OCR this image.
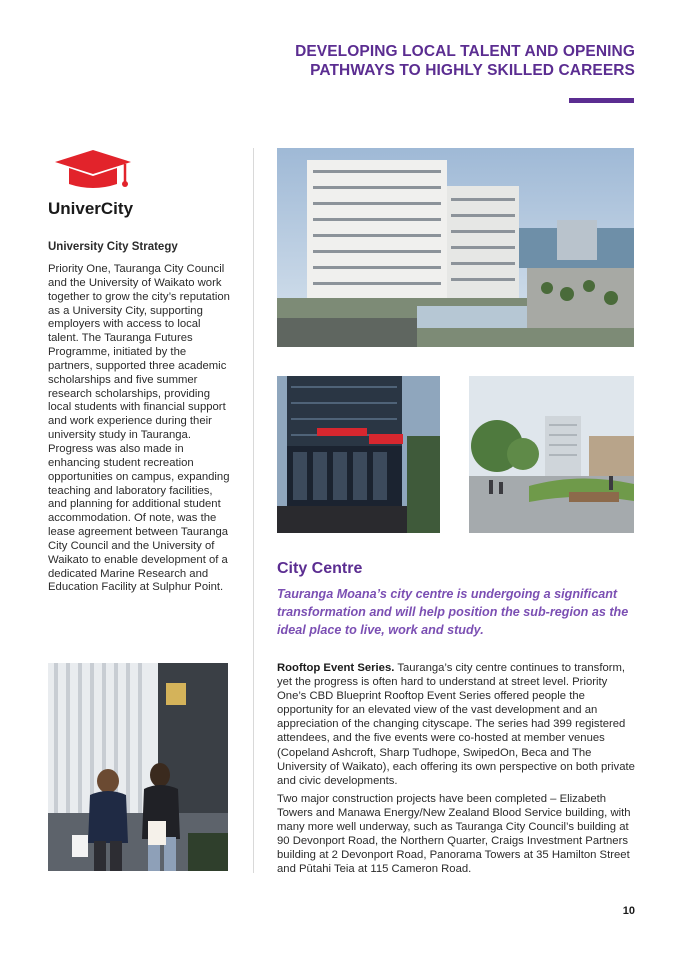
DEVELOPING LOCAL TALENT AND OPENING
PATHWAYS TO HIGHLY SKILLED CAREERS
UniverCity
University City Strategy
Priority One, Tauranga City Council and the University of Waikato work together to grow the city’s reputation as a University City, supporting employers with access to local talent. The Tauranga Futures Programme, initiated by the partners, supported three academic scholarships and five summer research scholarships, providing local students with financial support and work experience during their university study in Tauranga. Progress was also made in enhancing student recreation opportunities on campus, expanding teaching and laboratory facilities, and planning for additional student accommodation. Of note, was the lease agreement between Tauranga City Council and the University of Waikato to enable development of a dedicated Marine Research and Education Facility at Sulphur Point.
City Centre
Tauranga Moana’s city centre is undergoing a significant transformation and will help position the sub-region as the ideal place to live, work and study.
Rooftop Event Series. Tauranga’s city centre continues to transform, yet the progress is often hard to understand at street level. Priority One’s CBD Blueprint Rooftop Event Series offered people the opportunity for an elevated view of the vast development and an appreciation of the changing cityscape. The series had 399 registered attendees, and the five events were co-hosted at member venues (Copeland Ashcroft, Sharp Tudhope, SwipedOn, Beca and The University of Waikato), each offering its own perspective on both private and civic developments.
Two major construction projects have been completed – Elizabeth Towers and Manawa Energy/New Zealand Blood Service building, with many more well underway, such as Tauranga City Council’s building at 90 Devonport Road, the Northern Quarter, Craigs Investment Partners building at 2 Devonport Road, Panorama Towers at 35 Hamilton Street and Pūtahi Teia at 115 Cameron Road.
10
